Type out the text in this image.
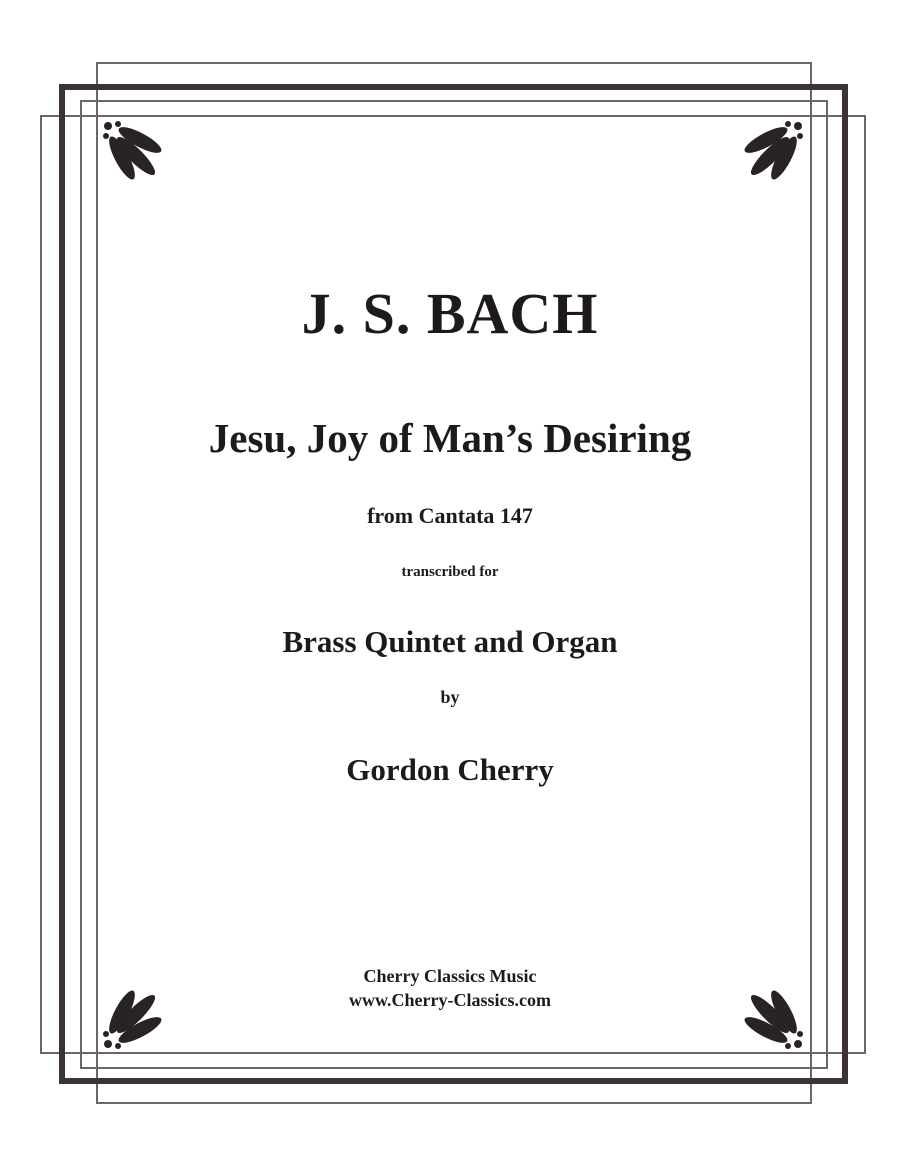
J. S. BACH
Jesu, Joy of Man’s Desiring
from Cantata 147
transcribed for
Brass Quintet and Organ
by
Gordon Cherry
Cherry Classics Music
www.Cherry-Classics.com
